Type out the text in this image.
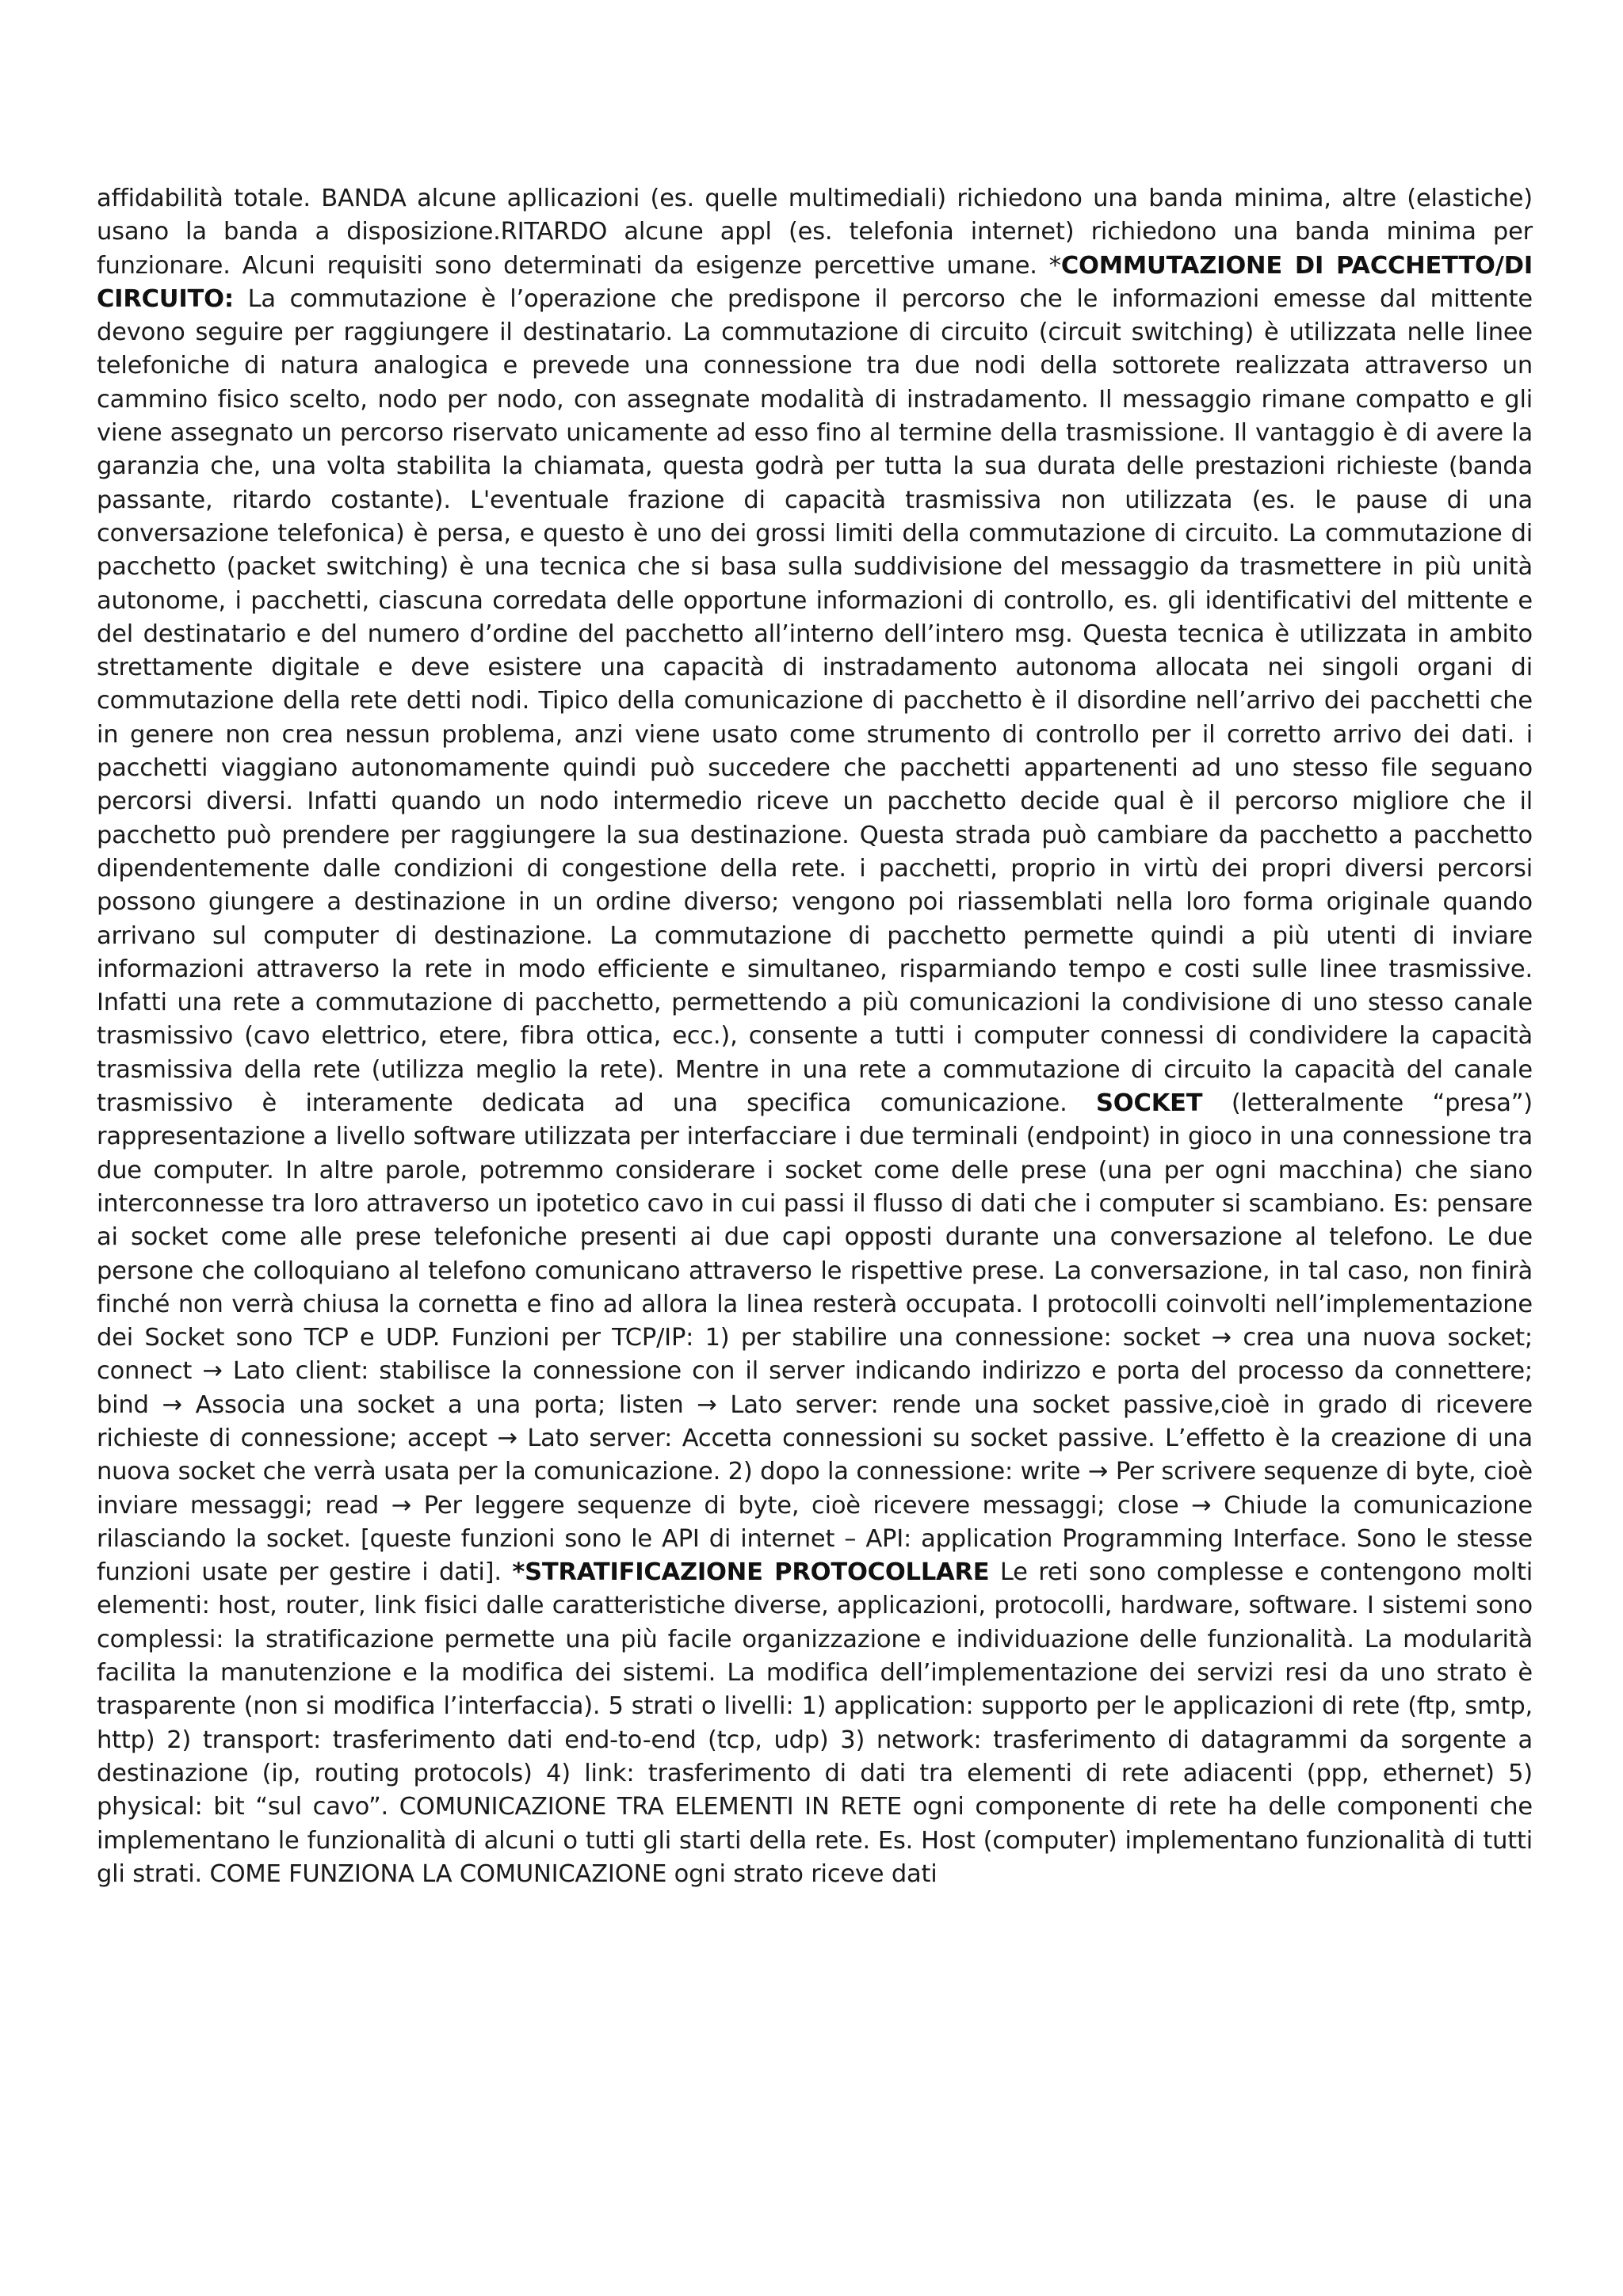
affidabilità totale. BANDA alcune apllicazioni (es. quelle multimediali) richiedono una banda minima, altre (elastiche) usano la banda a disposizione.RITARDO alcune appl (es. telefonia internet) richiedono una banda minima per funzionare. Alcuni requisiti sono determinati da esigenze percettive umane. *COMMUTAZIONE DI PACCHETTO/DI CIRCUITO: La commutazione è l’operazione che predispone il percorso che le informazioni emesse dal mittente devono seguire per raggiungere il destinatario. La commutazione di circuito (circuit switching) è utilizzata nelle linee telefoniche di natura analogica e prevede una connessione tra due nodi della sottorete realizzata attraverso un cammino fisico scelto, nodo per nodo, con assegnate modalità di instradamento. Il messaggio rimane compatto e gli viene assegnato un percorso riservato unicamente ad esso fino al termine della trasmissione. Il vantaggio è di avere la garanzia che, una volta stabilita la chiamata, questa godrà per tutta la sua durata delle prestazioni richieste (banda passante, ritardo costante). L'eventuale frazione di capacità trasmissiva non utilizzata (es. le pause di una conversazione telefonica) è persa, e questo è uno dei grossi limiti della commutazione di circuito. La commutazione di pacchetto (packet switching) è una tecnica che si basa sulla suddivisione del messaggio da trasmettere in più unità autonome, i pacchetti, ciascuna corredata delle opportune informazioni di controllo, es. gli identificativi del mittente e del destinatario e del numero d’ordine del pacchetto all’interno dell’intero msg. Questa tecnica è utilizzata in ambito strettamente digitale e deve esistere una capacità di instradamento autonoma allocata nei singoli organi di commutazione della rete detti nodi. Tipico della comunicazione di pacchetto è il disordine nell’arrivo dei pacchetti che in genere non crea nessun problema, anzi viene usato come strumento di controllo per il corretto arrivo dei dati. i pacchetti viaggiano autonomamente quindi può succedere che pacchetti appartenenti ad uno stesso file seguano percorsi diversi. Infatti quando un nodo intermedio riceve un pacchetto decide qual è il percorso migliore che il pacchetto può prendere per raggiungere la sua destinazione. Questa strada può cambiare da pacchetto a pacchetto dipendentemente dalle condizioni di congestione della rete. i pacchetti, proprio in virtù dei propri diversi percorsi possono giungere a destinazione in un ordine diverso; vengono poi riassemblati nella loro forma originale quando arrivano sul computer di destinazione. La commutazione di pacchetto permette quindi a più utenti di inviare informazioni attraverso la rete in modo efficiente e simultaneo, risparmiando tempo e costi sulle linee trasmissive. Infatti una rete a commutazione di pacchetto, permettendo a più comunicazioni la condivisione di uno stesso canale trasmissivo (cavo elettrico, etere, fibra ottica, ecc.), consente a tutti i computer connessi di condividere la capacità trasmissiva della rete (utilizza meglio la rete). Mentre in una rete a commutazione di circuito la capacità del canale trasmissivo è interamente dedicata ad una specifica comunicazione. SOCKET (letteralmente “presa”) rappresentazione a livello software utilizzata per interfacciare i due terminali (endpoint) in gioco in una connessione tra due computer. In altre parole, potremmo considerare i socket come delle prese (una per ogni macchina) che siano interconnesse tra loro attraverso un ipotetico cavo in cui passi il flusso di dati che i computer si scambiano. Es: pensare ai socket come alle prese telefoniche presenti ai due capi opposti durante una conversazione al telefono. Le due persone che colloquiano al telefono comunicano attraverso le rispettive prese. La conversazione, in tal caso, non finirà finché non verrà chiusa la cornetta e fino ad allora la linea resterà occupata. I protocolli coinvolti nell’implementazione dei Socket sono TCP e UDP. Funzioni per TCP/IP: 1) per stabilire una connessione: socket → crea una nuova socket; connect → Lato client: stabilisce la connessione con il server indicando indirizzo e porta del processo da connettere; bind → Associa una socket a una porta; listen → Lato server: rende una socket passive,cioè in grado di ricevere richieste di connessione; accept → Lato server: Accetta connessioni su socket passive. L’effetto è la creazione di una nuova socket che verrà usata per la comunicazione. 2) dopo la connessione: write → Per scrivere sequenze di byte, cioè inviare messaggi; read → Per leggere sequenze di byte, cioè ricevere messaggi; close → Chiude la comunicazione rilasciando la socket. [queste funzioni sono le API di internet – API: application Programming Interface. Sono le stesse funzioni usate per gestire i dati]. *STRATIFICAZIONE PROTOCOLLARE Le reti sono complesse e contengono molti elementi: host, router, link fisici dalle caratteristiche diverse, applicazioni, protocolli, hardware, software. I sistemi sono complessi: la stratificazione permette una più facile organizzazione e individuazione delle funzionalità. La modularità facilita la manutenzione e la modifica dei sistemi. La modifica dell’implementazione dei servizi resi da uno strato è trasparente (non si modifica l’interfaccia). 5 strati o livelli: 1) application: supporto per le applicazioni di rete (ftp, smtp, http) 2) transport: trasferimento dati end-to-end (tcp, udp) 3) network: trasferimento di datagrammi da sorgente a destinazione (ip, routing protocols) 4) link: trasferimento di dati tra elementi di rete adiacenti (ppp, ethernet) 5) physical: bit “sul cavo”. COMUNICAZIONE TRA ELEMENTI IN RETE ogni componente di rete ha delle componenti che implementano le funzionalità di alcuni o tutti gli starti della rete. Es. Host (computer) implementano funzionalità di tutti gli strati. COME FUNZIONA LA COMUNICAZIONE ogni strato riceve dati
